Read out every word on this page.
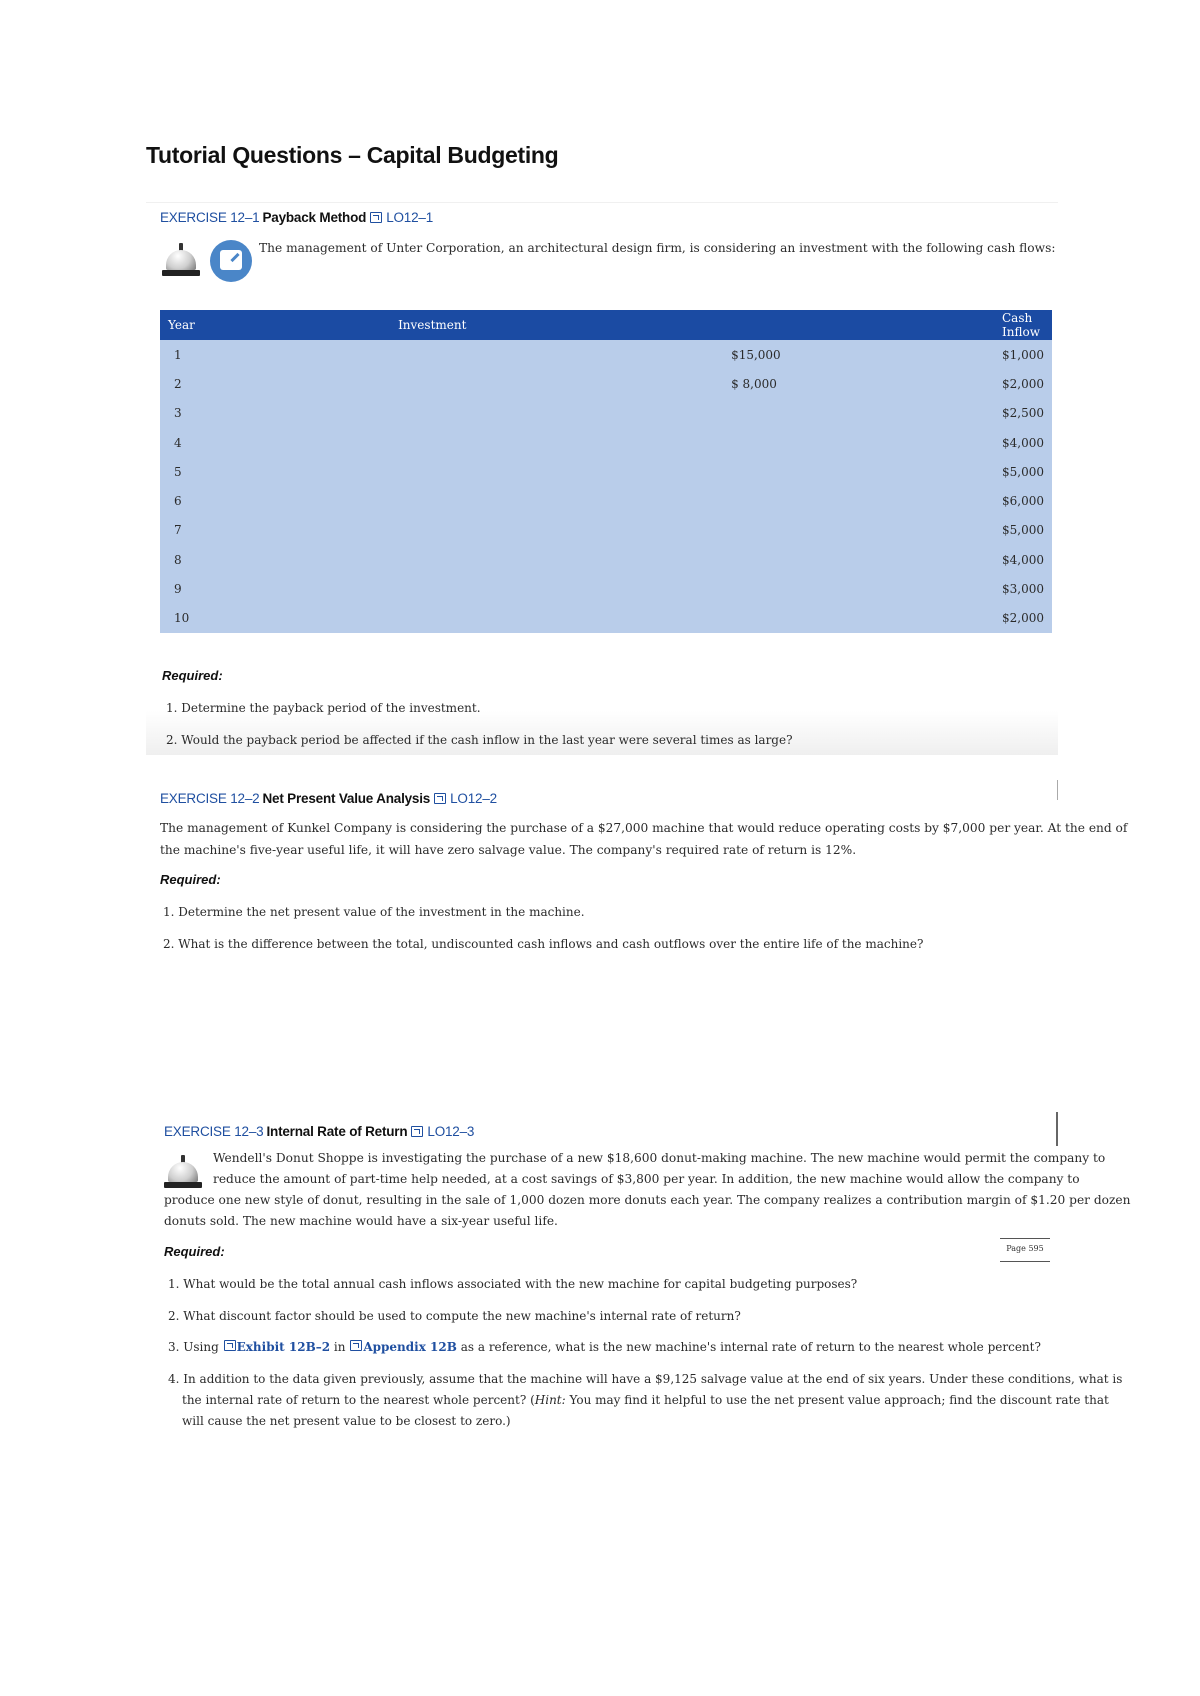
Tutorial Questions – Capital Budgeting
EXERCISE 12–1 Payback Method LO12–1

The management of Unter Corporation, an architectural design firm, is considering an investment with the following cash flows:

Year	Investment	Cash Inflow
1	$15,000	$1,000
2	$ 8,000	$2,000
3		$2,500
4		$4,000
5		$5,000
6		$6,000
7		$5,000
8		$4,000
9		$3,000
10		$2,000
Required:

1. Determine the payback period of the investment.

2. Would the payback period be affected if the cash inflow in the last year were several times as large?

EXERCISE 12–2 Net Present Value Analysis LO12–2

The management of Kunkel Company is considering the purchase of a $27,000 machine that would reduce operating costs by $7,000 per year. At the end of

the machine's five-year useful life, it will have zero salvage value. The company's required rate of return is 12%.

Required:

1. Determine the net present value of the investment in the machine.

2. What is the difference between the total, undiscounted cash inflows and cash outflows over the entire life of the machine?

EXERCISE 12–3 Internal Rate of Return LO12–3

Wendell's Donut Shoppe is investigating the purchase of a new $18,600 donut-making machine. The new machine would permit the company to

reduce the amount of part-time help needed, at a cost savings of $3,800 per year. In addition, the new machine would allow the company to

produce one new style of donut, resulting in the sale of 1,000 dozen more donuts each year. The company realizes a contribution margin of $1.20 per dozen

donuts sold. The new machine would have a six-year useful life.

Required:	Page 595

1. What would be the total annual cash inflows associated with the new machine for capital budgeting purposes?

2. What discount factor should be used to compute the new machine's internal rate of return?

3. Using Exhibit 12B–2 in Appendix 12B as a reference, what is the new machine's internal rate of return to the nearest whole percent?

4. In addition to the data given previously, assume that the machine will have a $9,125 salvage value at the end of six years. Under these conditions, what is

the internal rate of return to the nearest whole percent? (Hint: You may find it helpful to use the net present value approach; find the discount rate that

will cause the net present value to be closest to zero.)
